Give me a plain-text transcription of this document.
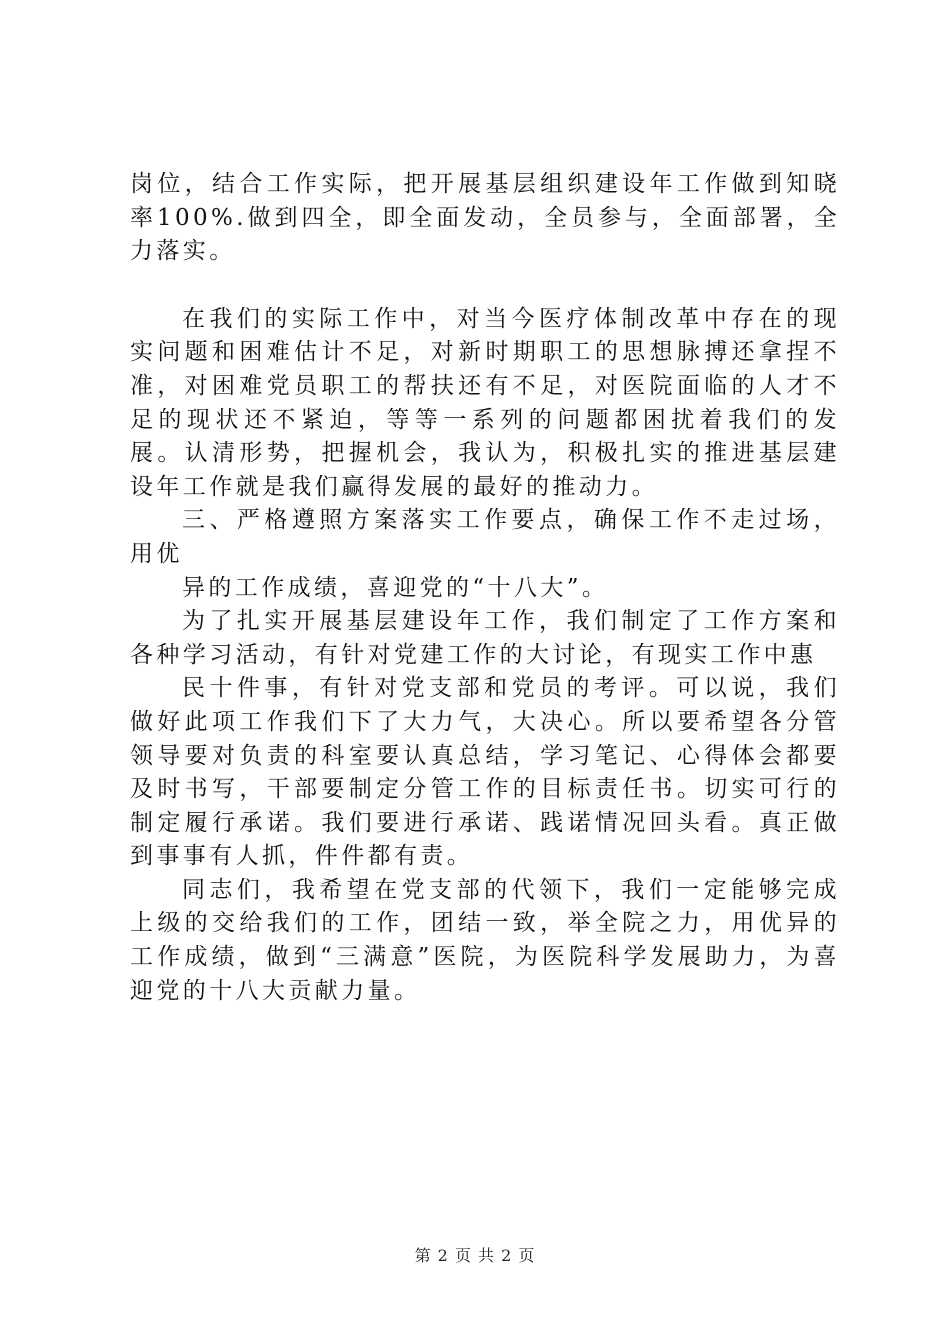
岗位，结合工作实际，把开展基层组织建设年工作做到知晓率100%.做到四全，即全面发动，全员参与，全面部署，全力落实。

在我们的实际工作中，对当今医疗体制改革中存在的现实问题和困难估计不足，对新时期职工的思想脉搏还拿捏不准，对困难党员职工的帮扶还有不足，对医院面临的人才不足的现状还不紧迫，等等一系列的问题都困扰着我们的发展。认清形势，把握机会，我认为，积极扎实的推进基层建设年工作就是我们赢得发展的最好的推动力。

三、严格遵照方案落实工作要点，确保工作不走过场，用优

异的工作成绩，喜迎党的“十八大”。

为了扎实开展基层建设年工作，我们制定了工作方案和各种学习活动，有针对党建工作的大讨论，有现实工作中惠

民十件事，有针对党支部和党员的考评。可以说，我们做好此项工作我们下了大力气，大决心。所以要希望各分管领导要对负责的科室要认真总结，学习笔记、心得体会都要及时书写，干部要制定分管工作的目标责任书。切实可行的制定履行承诺。我们要进行承诺、践诺情况回头看。真正做到事事有人抓，件件都有责。

同志们，我希望在党支部的代领下，我们一定能够完成上级的交给我们的工作，团结一致，举全院之力，用优异的工作成绩，做到“三满意”医院，为医院科学发展助力，为喜迎党的十八大贡献力量。

第 2 页 共 2 页
